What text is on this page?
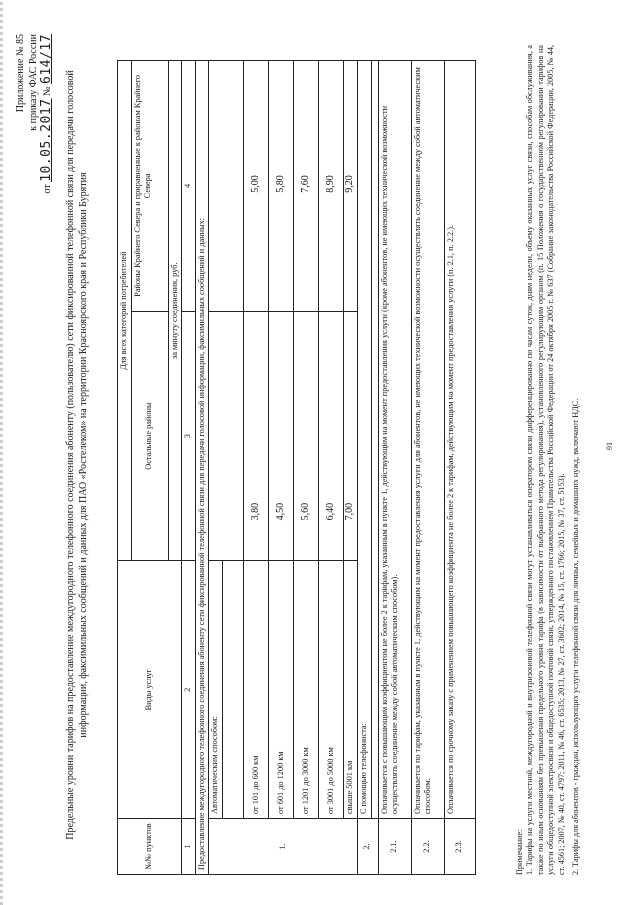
Приложение № 85 к приказу ФАС России
от 10.05.2017 № 614/17
Предельные уровни тарифов на предоставление междугородного телефонного соединения абоненту (пользователю) сети фиксированной телефонной связи для передачи голосовой информации, факсимильных сообщений и данных для ПАО «Ростелеком» на территории Красноярского края и Республики Бурятия
№№ пунктов	Виды услуг	Для всех категорий потребителей	
		Остальные районы	Районы Крайнего Севера и приравненные к районам Крайнего Севера
		за минуту соединения, руб.	
1	2	3	4
Предоставление междугородного телефонного соединения абоненту сети фиксированной телефонной связи для передачи голосовой информации, факсимильных сообщений и данных:			
1.	Автоматическим способом:		

	от 101 до 600 км	3,80	5,00
	от 601 до 1200 км	4,50	5,80
	от 1201 до 3000 км	5,60	7,60
	от 3001 до 5000 км	6,40	8,90
	свыше 5001 км	7,00	9,20
2.	С помощью телефониста:		

2.1.	Оплачивается с повышающим коэффициентом не более 2 к тарифам, указанным в пункте 1, действующим на момент предоставления услуги (кроме абонентов, не имеющих технической возможности осуществлять соединение между собой автоматическим способом).		
2.2.	Оплачивается по тарифам, указанным в пункте 1, действующим на момент предоставления услуги для абонентов, не имеющих технической возможности осуществлять соединение между собой автоматическим способом.		
2.3.	Оплачивается по срочному заказу с применением повышающего коэффициента не более 2 к тарифам, действующим на момент предоставления услуги (п. 2.1, п. 2.2.).		
Примечание: 1. Тарифы на услуги местной, междугородной и внутризоновой телефонной связи могут устанавливаться оператором связи дифференцированно по часам суток, дням недели, объему оказанных услуг связи, способам обслуживания, а также по иным основаниям без превышения предельного уровня тарифа (в зависимости от выбранного метода регулирования), установленного регулирующим органом (п. 15 Положения о государственном регулировании тарифов на услуги общедоступной электросвязи и общедоступной почтовой связи, утвержденного постановлением Правительства Российской Федерации от 24 октября 2005 г. № 637 (Собрание законодательства Российской Федерации, 2005, № 44, ст. 4561; 2007, № 40, ст. 4797; 2011, № 46, ст. 6535; 2013, № 27, ст. 3602; 2014, № 15, ст. 1766; 2015, № 37, ст. 5153). 2. Тарифы для абонентов - граждан, использующих услуги телефонной связи для личных, семейных и домашних нужд, включают НДС.	91
